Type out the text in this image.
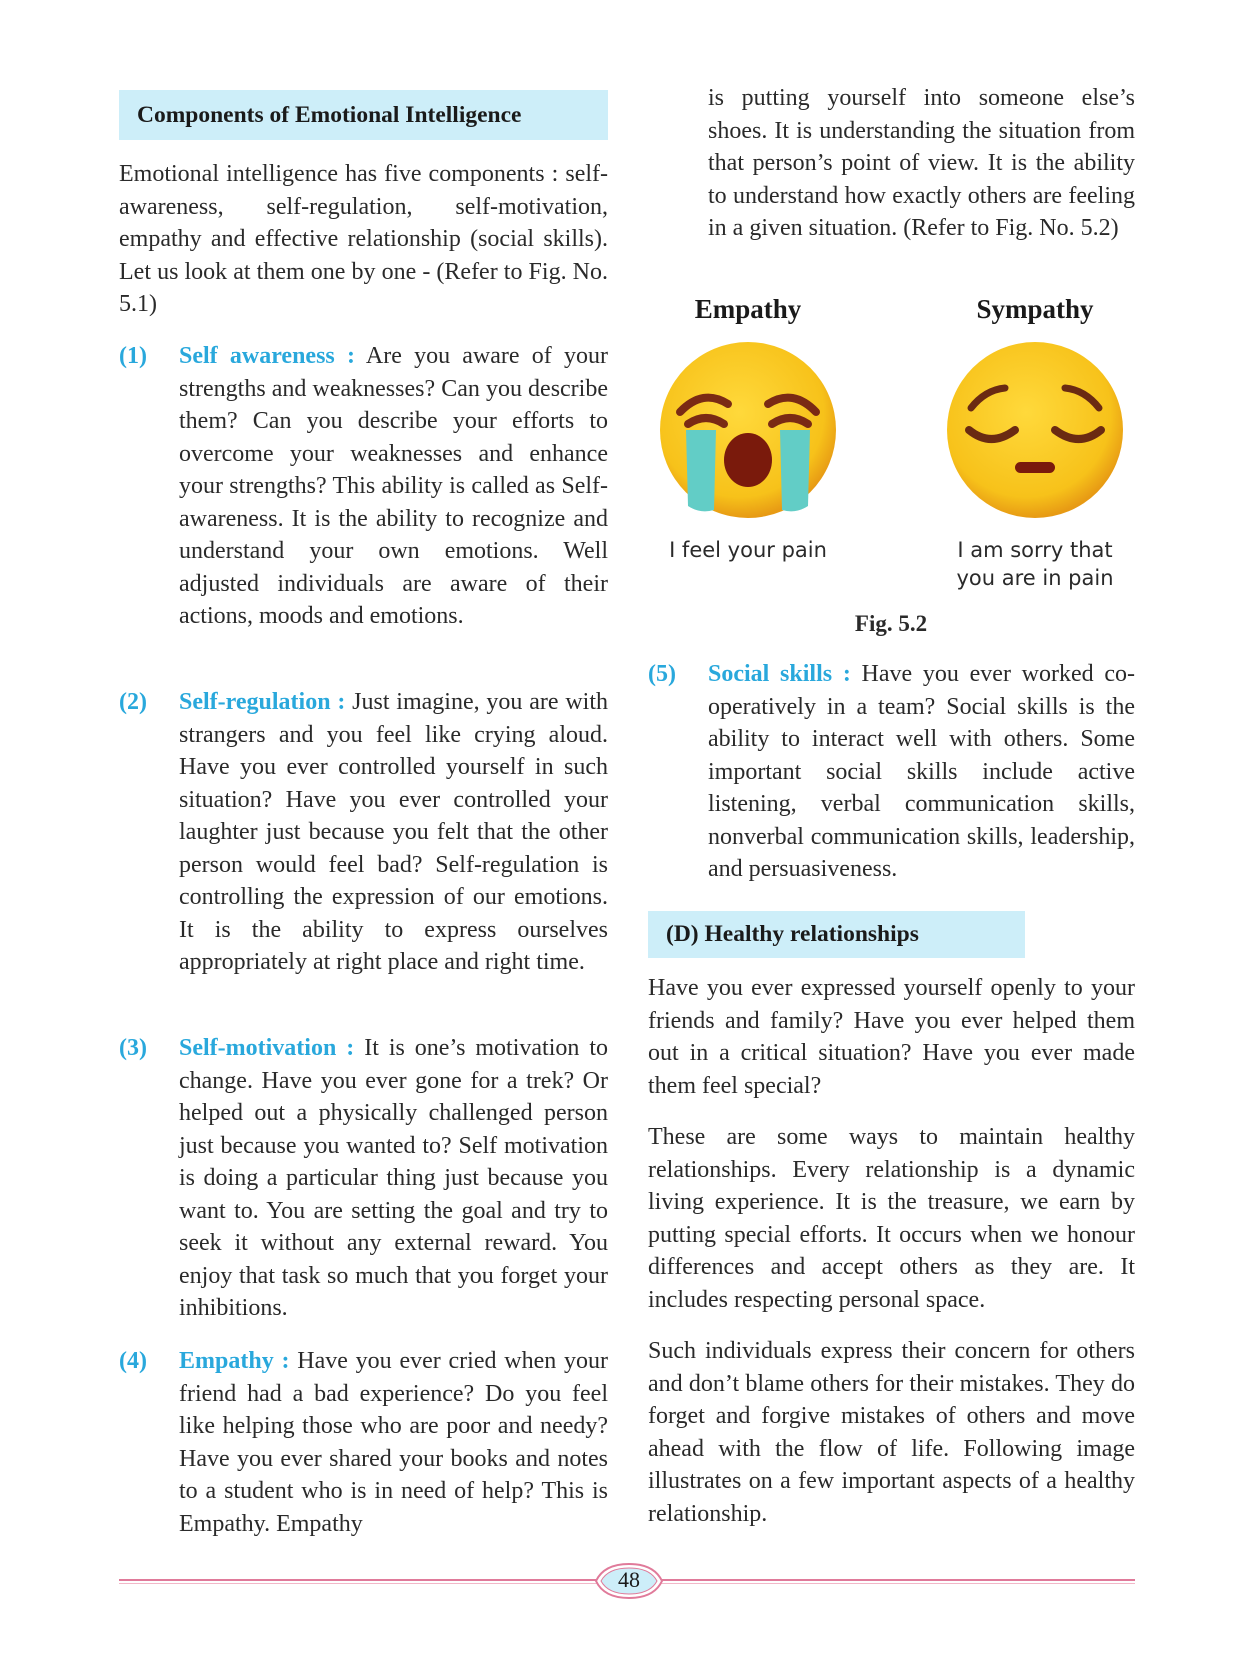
Components of Emotional Intelligence

Emotional intelligence has five components : self-awareness, self-regulation, self-motivation, empathy and effective relationship (social skills). Let us look at them one by one - (Refer to Fig. No. 5.1)

(1) Self awareness : Are you aware of your strengths and weaknesses? Can you describe them? Can you describe your efforts to overcome your weaknesses and enhance your strengths? This ability is called as Self-awareness. It is the ability to recognize and understand your own emotions. Well adjusted individuals are aware of their actions, moods and emotions.
(2) Self-regulation : Just imagine, you are with strangers and you feel like crying aloud. Have you ever controlled yourself in such situation? Have you ever controlled your laughter just because you felt that the other person would feel bad? Self-regulation is controlling the expression of our emotions. It is the ability to express ourselves appropriately at right place and right time.
(3) Self-motivation : It is one’s motivation to change. Have you ever gone for a trek? Or helped out a physically challenged person just because you wanted to? Self motivation is doing a particular thing just because you want to. You are setting the goal and try to seek it without any external reward. You enjoy that task so much that you forget your inhibitions.
(4) Empathy : Have you ever cried when your friend had a bad experience? Do you feel like helping those who are poor and needy? Have you ever shared your books and notes to a student who is in need of help? This is Empathy. Empathy

is putting yourself into someone else’s shoes. It is understanding the situation from that person’s point of view. It is the ability to understand how exactly others are feeling in a given situation. (Refer to Fig. No. 5.2)

Empathy	Sympathy
I feel your pain	I am sorry that
you are in pain
Fig. 5.2
(5) Social skills : Have you ever worked co-operatively in a team? Social skills is the ability to interact well with others. Some important social skills include active listening, verbal communication skills, nonverbal communication skills, leadership, and persuasiveness.
(D) Healthy relationships

Have you ever expressed yourself openly to your friends and family? Have you ever helped them out in a critical situation? Have you ever made them feel special?

These are some ways to maintain healthy relationships. Every relationship is a dynamic living experience. It is the treasure, we earn by putting special efforts. It occurs when we honour differences and accept others as they are. It includes respecting personal space.

Such individuals express their concern for others and don’t blame others for their mistakes. They do forget and forgive mistakes of others and move ahead with the flow of life. Following image illustrates on a few important aspects of a healthy relationship.

48
